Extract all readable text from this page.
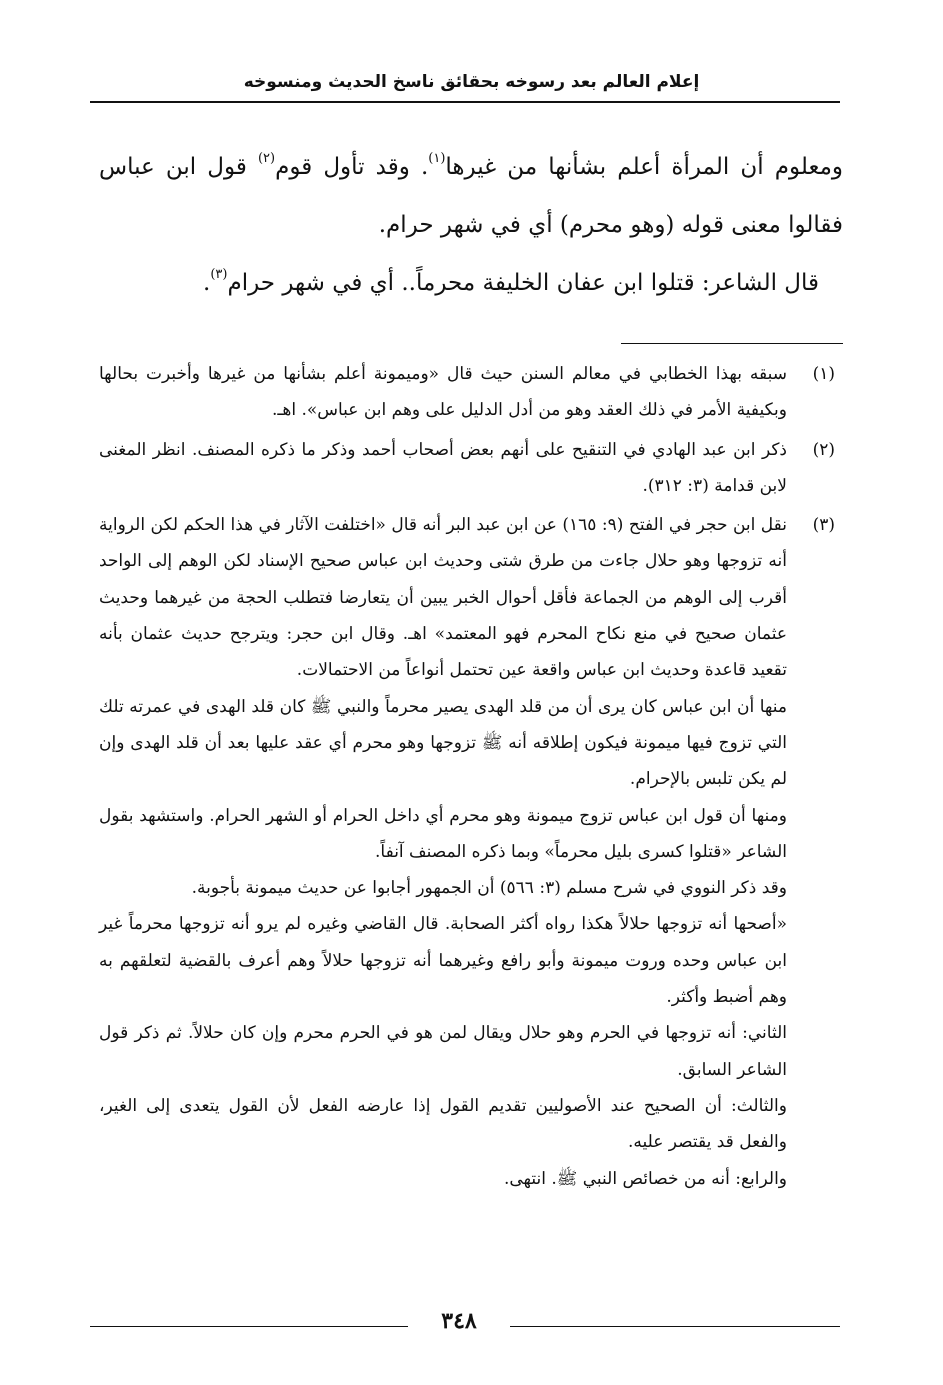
إعلام العالم بعد رسوخه بحقائق ناسخ الحديث ومنسوخه

ومعلوم أن المرأة أعلم بشأنها من غيرها$^{(١)}$. وقد تأول قوم$^{(٢)}$ قول ابن عباس فقالوا معنى قوله (وهو محرم) أي في شهر حرام.

قال الشاعر: قتلوا ابن عفان الخليفة محرماً.. أي في شهر حرام$^{(٣)}$.

(١)

سبقه بهذا الخطابي في معالم السنن حيث قال «وميمونة أعلم بشأنها من غيرها وأخبرت بحالها وبكيفية الأمر في ذلك العقد وهو من أدل الدليل على وهم ابن عباس». اهـ.

(٢)

ذكر ابن عبد الهادي في التنقيح على أنهم بعض أصحاب أحمد وذكر ما ذكره المصنف. انظر المغنى لابن قدامة (٣: ٣١٢).

(٣)

نقل ابن حجر في الفتح (٩: ١٦٥) عن ابن عبد البر أنه قال «اختلفت الآثار في هذا الحكم لكن الرواية أنه تزوجها وهو حلال جاءت من طرق شتى وحديث ابن عباس صحيح الإسناد لكن الوهم إلى الواحد أقرب إلى الوهم من الجماعة فأقل أحوال الخبر يبين أن يتعارضا فتطلب الحجة من غيرهما وحديث عثمان صحيح في منع نكاح المحرم فهو المعتمد» اهـ. وقال ابن حجر: ويترجح حديث عثمان بأنه تقعيد قاعدة وحديث ابن عباس واقعة عين تحتمل أنواعاً من الاحتمالات.

منها أن ابن عباس كان يرى أن من قلد الهدى يصير محرماً والنبي ﷺ كان قلد الهدى في عمرته تلك التي تزوج فيها ميمونة فيكون إطلاقه أنه ﷺ تزوجها وهو محرم أي عقد عليها بعد أن قلد الهدى وإن لم يكن تلبس بالإحرام.

ومنها أن قول ابن عباس تزوج ميمونة وهو محرم أي داخل الحرام أو الشهر الحرام. واستشهد بقول الشاعر «قتلوا كسرى بليل محرماً» وبما ذكره المصنف آنفاً.

وقد ذكر النووي في شرح مسلم (٣: ٥٦٦) أن الجمهور أجابوا عن حديث ميمونة بأجوبة.

«أصحها أنه تزوجها حلالاً هكذا رواه أكثر الصحابة. قال القاضي وغيره لم يرو أنه تزوجها محرماً غير ابن عباس وحده وروت ميمونة وأبو رافع وغيرهما أنه تزوجها حلالاً وهم أعرف بالقضية لتعلقهم به وهم أضبط وأكثر.

الثاني: أنه تزوجها في الحرم وهو حلال ويقال لمن هو في الحرم محرم وإن كان حلالاً. ثم ذكر قول الشاعر السابق.

والثالث: أن الصحيح عند الأصوليين تقديم القول إذا عارضه الفعل لأن القول يتعدى إلى الغير، والفعل قد يقتصر عليه.

والرابع: أنه من خصائص النبي ﷺ. انتهى.

٣٤٨
